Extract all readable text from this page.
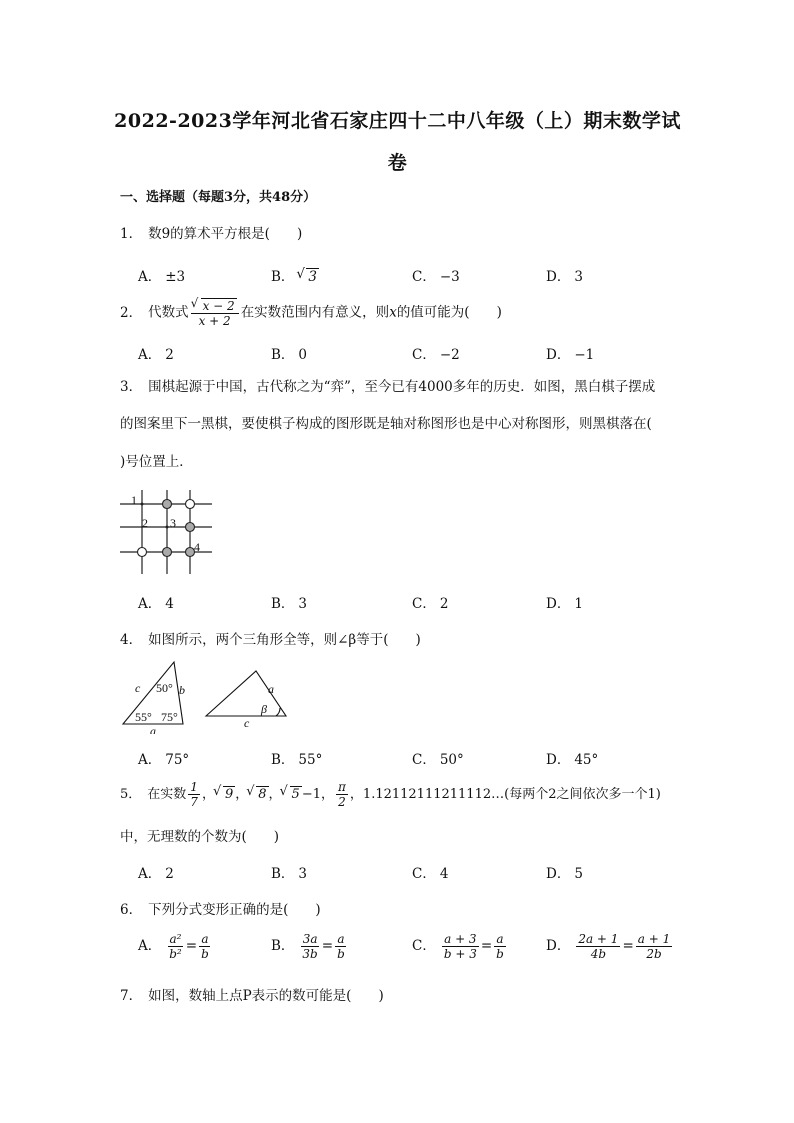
2022-2023学年河北省石家庄四十二中八年级（上）期末数学试
卷
一、选择题（每题3分，共48分）
1． 数9的算术平方根是(　　)
A． ±3	B． √ 3	C． −3	D． 3
2． 代数式 √ $\frac{x - 2}{x + 2}$ 在实数范围内有意义，则x的值可能为(　　)
A． 2	B． 0	C． −2	D． −1
3． 围棋起源于中国，古代称之为“弈”，至今已有4000多年的历史．如图，黑白棋子摆成
的图案里下一黑棋，要使棋子构成的图形既是轴对称图形也是中心对称图形，则黑棋落在(
)号位置上．
1
2 3
4
A． 4	B． 3	C． 2	D． 1
4． 如图所示，两个三角形全等，则∠β等于(　　)
c	b
a
50°
55° 75°
a
c
β
A． 75°	B． 55°	C． 50°	D． 45°
5． 在实数 $\frac{1}{7}$ ， √ 9 ， √ 8 ， √ 5 −1， $\frac{\pi}{2}$ ，1.12112111211112…(每两个2之间依次多一个1)
中，无理数的个数为(　　)
A． 2	B． 3	C． 4	D． 5
6． 下列分式变形正确的是(　　)
A． $\frac{\text{a²}}{\text{b²}} = \frac{a}{b}$	B． $\frac{3a}{3b} = \frac{a}{b}$	C． $\frac{a + 3}{b + 3} = \frac{a}{b}$	D． $\frac{2a + 1}{4b} = \frac{a + 1}{2b}$
7． 如图，数轴上点P表示的数可能是(　　)
